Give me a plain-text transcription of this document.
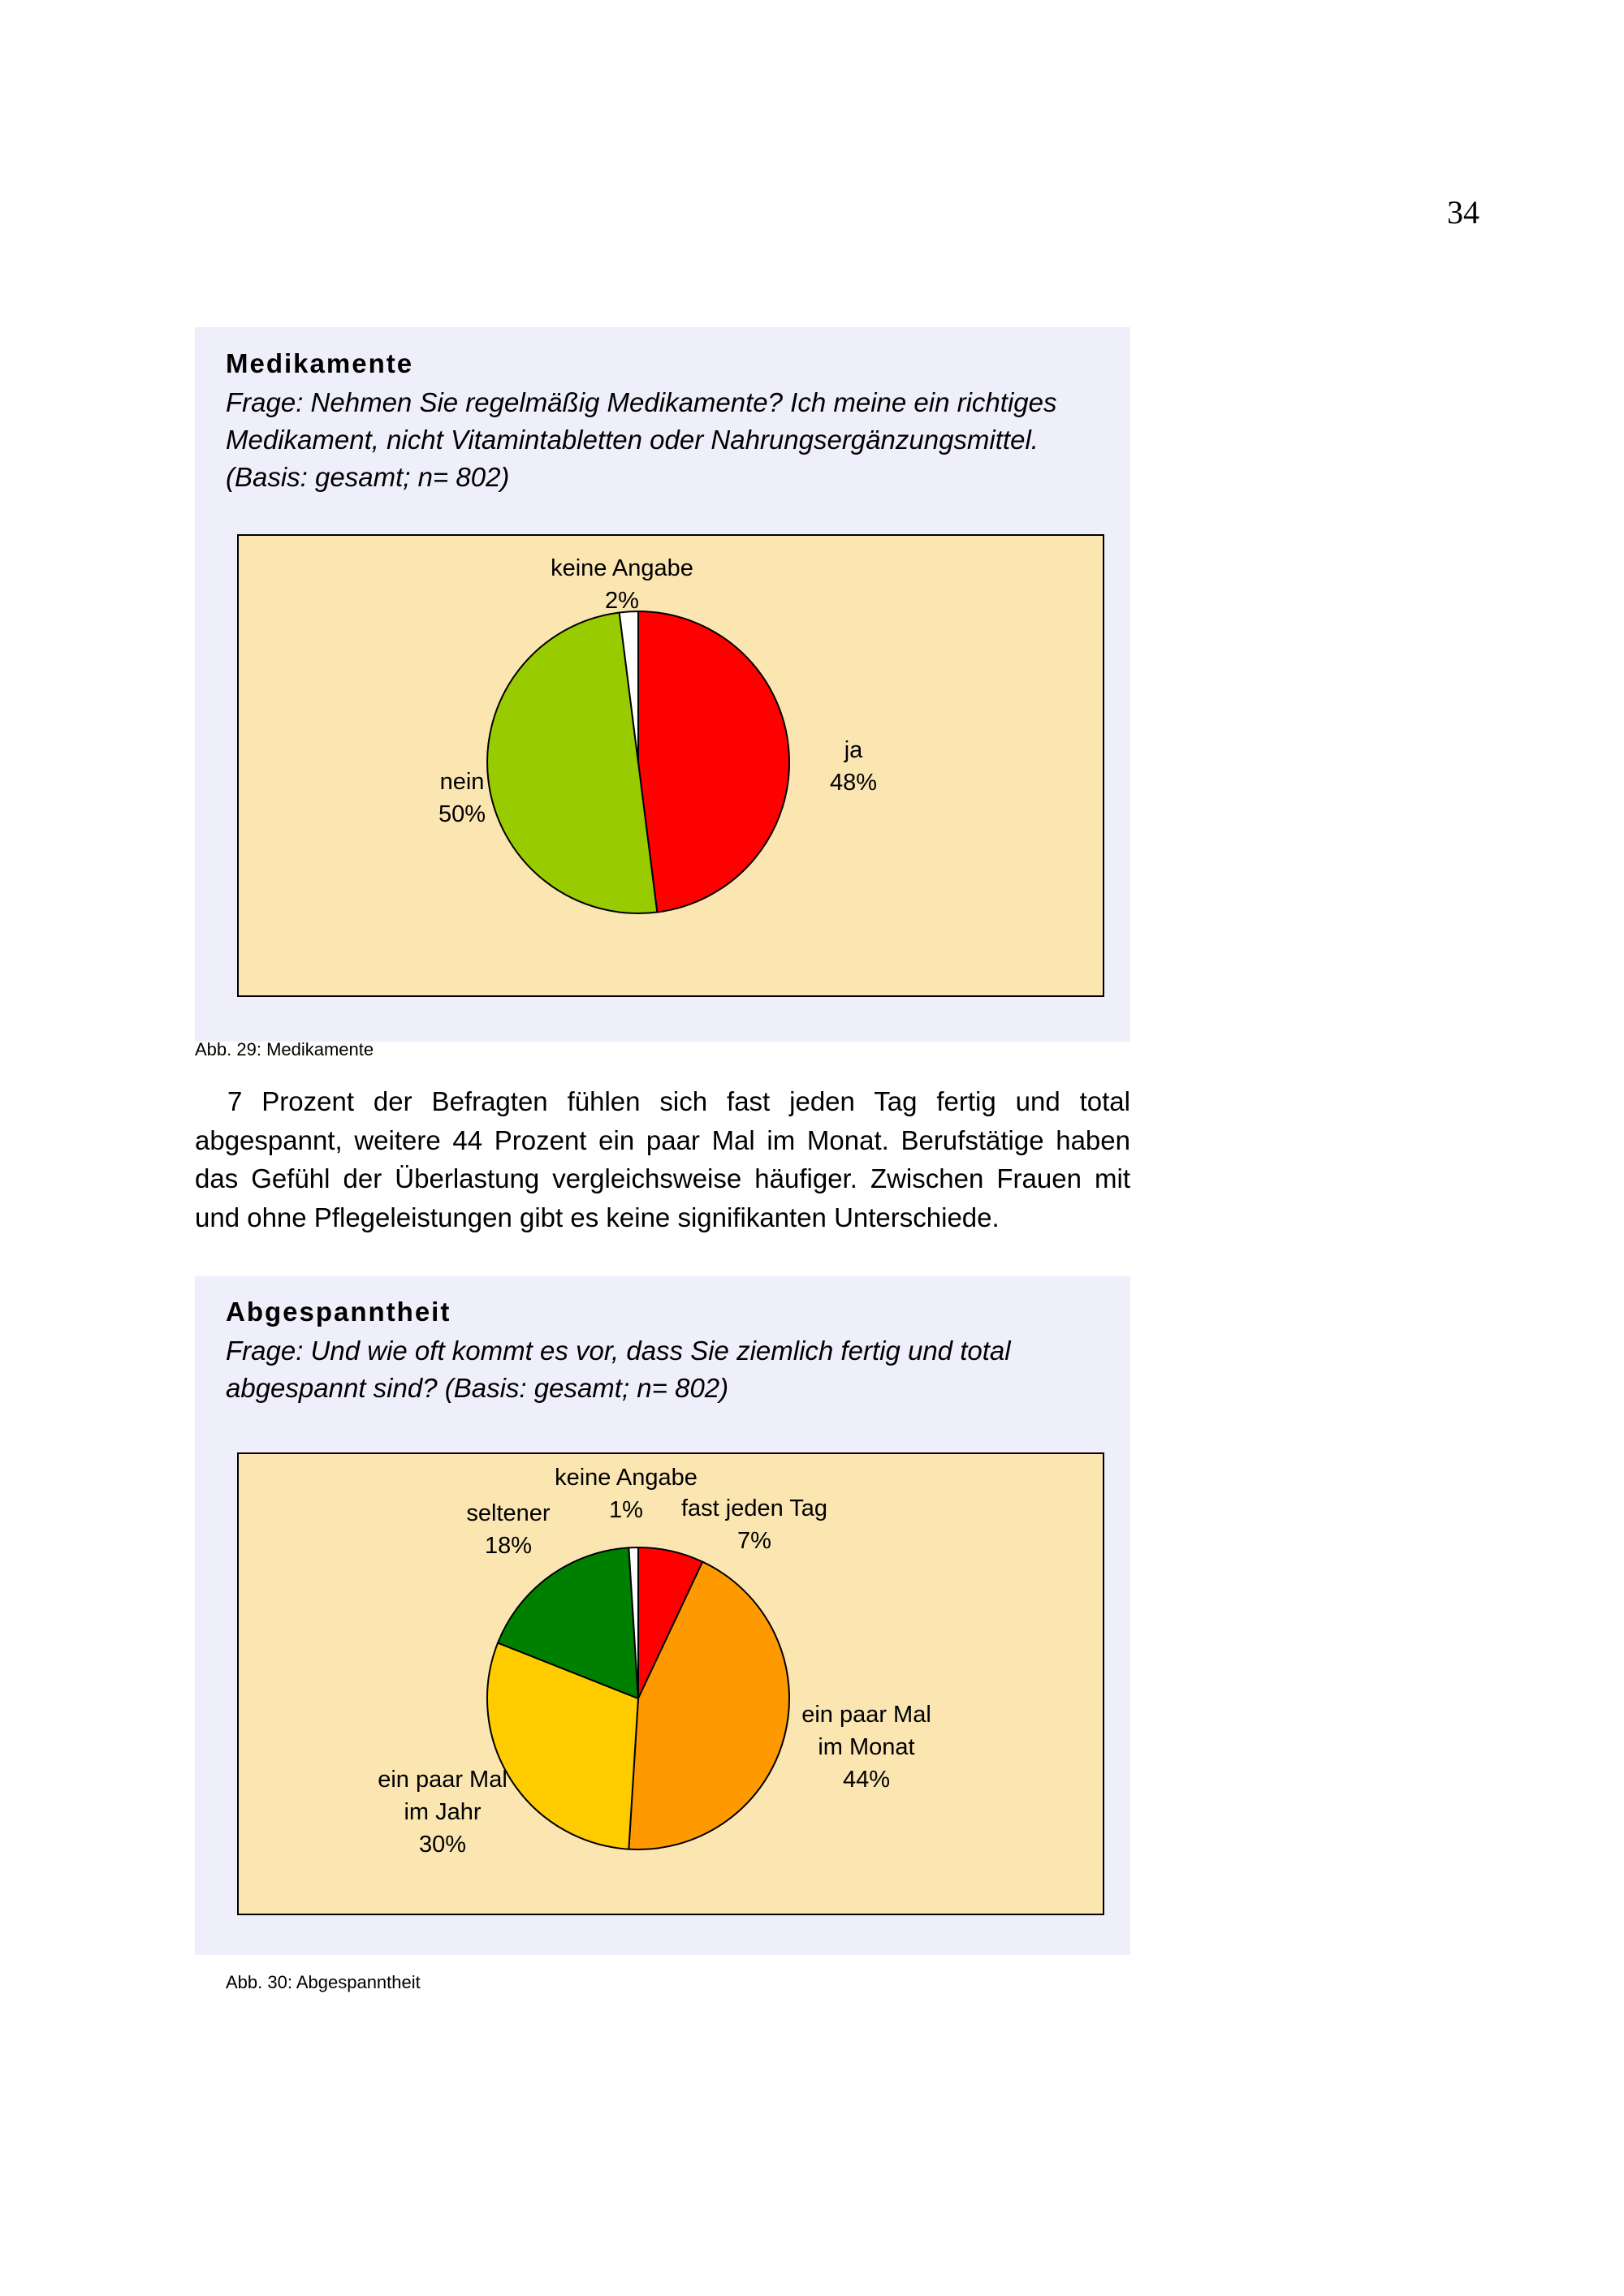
34
Medikamente

Frage: Nehmen Sie regelmäßig Medikamente? Ich meine ein richtiges Medikament, nicht Vitamintabletten oder Nahrungsergänzungsmittel. (Basis: gesamt; n= 802)

ja 48%
nein 50%
keine Angabe 2%
Abb. 29: Medikamente

7 Prozent der Befragten fühlen sich fast jeden Tag fertig und total abgespannt, weitere 44 Prozent ein paar Mal im Monat. Berufstätige haben das Gefühl der Überlastung vergleichsweise häufiger. Zwischen Frauen mit und ohne Pflegeleistungen gibt es keine signifikanten Unterschiede.

Abgespanntheit

Frage: Und wie oft kommt es vor, dass Sie ziemlich fertig und total abgespannt sind? (Basis: gesamt; n= 802)

fast jeden Tag 7%
ein paar Mal im Monat 44%
ein paar Mal im Jahr 30%
seltener 18%
keine Angabe 1%
Abb. 30: Abgespanntheit
